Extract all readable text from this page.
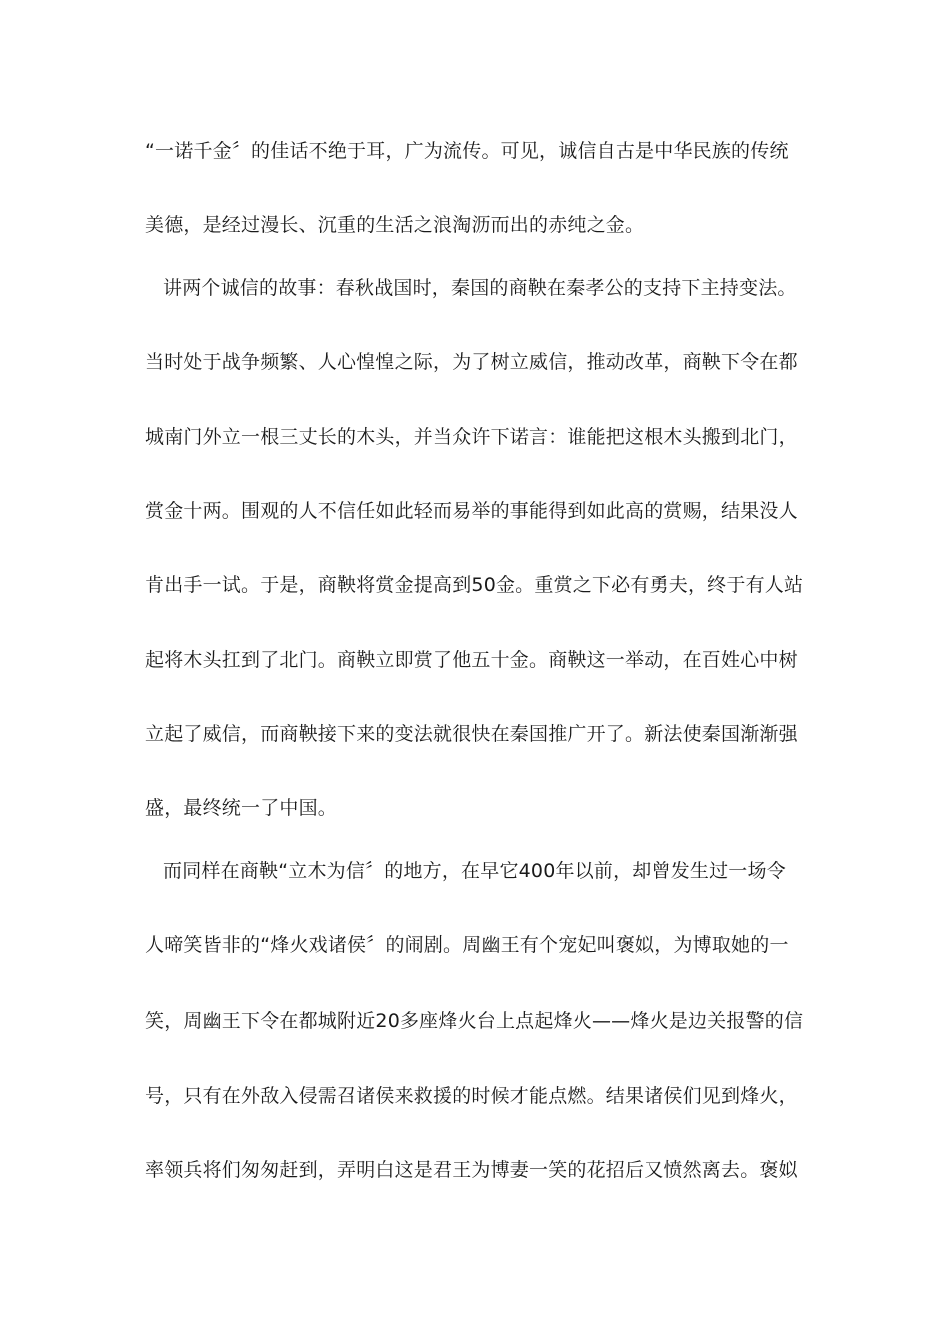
“一诺千金〞的佳话不绝于耳，广为流传。可见，诚信自古是中华民族的传统
美德，是经过漫长、沉重的生活之浪淘沥而出的赤纯之金。
讲两个诚信的故事：春秋战国时，秦国的商鞅在秦孝公的支持下主持变法。
当时处于战争频繁、人心惶惶之际，为了树立威信，推动改革，商鞅下令在都
城南门外立一根三丈长的木头，并当众许下诺言：谁能把这根木头搬到北门，
赏金十两。围观的人不信任如此轻而易举的事能得到如此高的赏赐，结果没人
肯出手一试。于是，商鞅将赏金提高到50金。重赏之下必有勇夫，终于有人站
起将木头扛到了北门。商鞅立即赏了他五十金。商鞅这一举动，在百姓心中树
立起了威信，而商鞅接下来的变法就很快在秦国推广开了。新法使秦国渐渐强
盛，最终统一了中国。
而同样在商鞅“立木为信〞的地方，在早它400年以前，却曾发生过一场令
人啼笑皆非的“烽火戏诸侯〞的闹剧。周幽王有个宠妃叫褒姒，为博取她的一
笑，周幽王下令在都城附近20多座烽火台上点起烽火——烽火是边关报警的信
号，只有在外敌入侵需召诸侯来救援的时候才能点燃。结果诸侯们见到烽火，
率领兵将们匆匆赶到，弄明白这是君王为博妻一笑的花招后又愤然离去。褒姒
